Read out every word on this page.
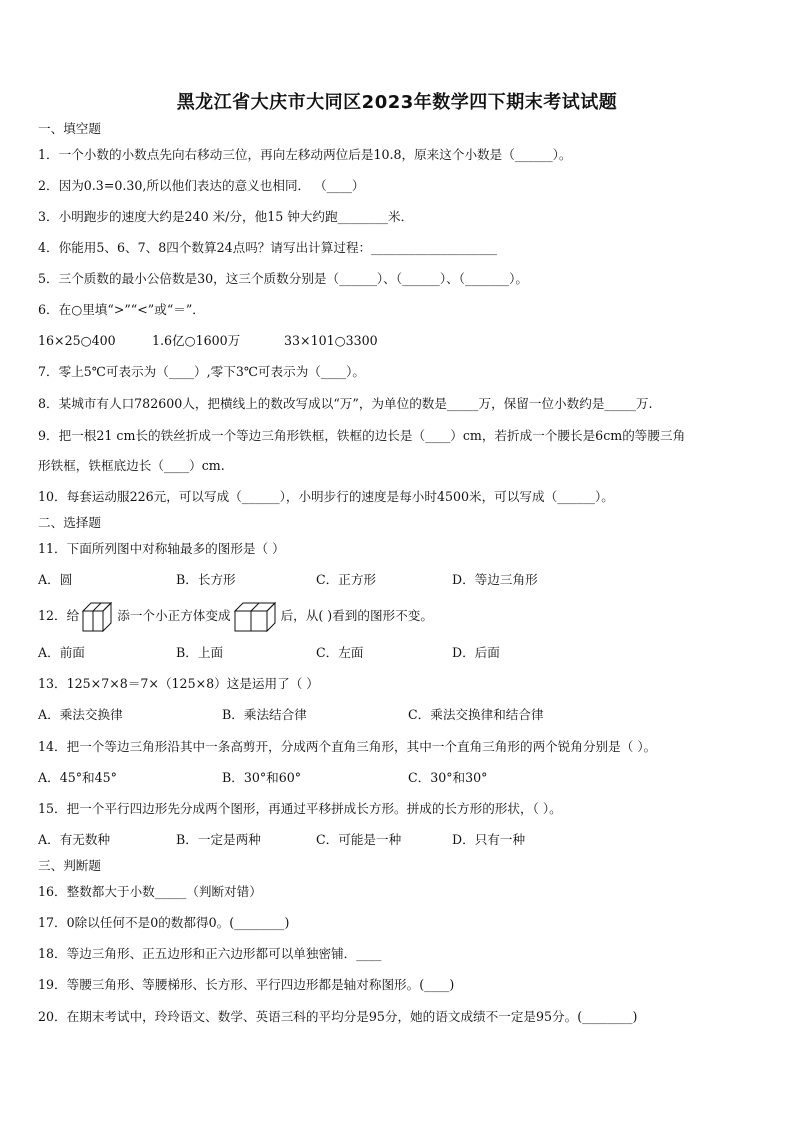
黑龙江省大庆市大同区2023年数学四下期末考试试题
一、填空题
1．一个小数的小数点先向右移动三位，再向左移动两位后是10.8，原来这个小数是（______）。
2．因为0.3=0.30,所以他们表达的意义也相同． （____）
3．小明跑步的速度大约是240 米/分，他15 钟大约跑________米．
4．你能用5、6、7、8四个数算24点吗？请写出计算过程：____________________
5．三个质数的最小公倍数是30，这三个质数分别是（______）、（______）、（_______）。
6．在○里填“>”“<”或“＝”．
16×25○400	1.6亿○1600万	33×101○3300
7．零上5℃可表示为（____）,零下3℃可表示为（____）。
8．某城市有人口782600人，把横线上的数改写成以“万”，为单位的数是_____万，保留一位小数约是_____万.
9．把一根21 cm长的铁丝折成一个等边三角形铁框，铁框的边长是（____）cm，若折成一个腰长是6cm的等腰三角
形铁框，铁框底边长（____）cm.
10．每套运动服226元，可以写成（______），小明步行的速度是每小时4500米，可以写成（______）。
二、选择题
11．下面所列图中对称轴最多的图形是（ ）
A．圆	B．长方形	C．正方形	D．等边三角形
12．给	添一个小正方体变成	后，从( )看到的图形不变。
A．前面	B．上面	C．左面	D．后面
13．125×7×8＝7×（125×8）这是运用了（ ）
A．乘法交换律	B．乘法结合律	C．乘法交换律和结合律
14．把一个等边三角形沿其中一条高剪开，分成两个直角三角形，其中一个直角三角形的两个锐角分别是（ ）。
A．45°和45°	B．30°和60°	C．30°和30°
15．把一个平行四边形先分成两个图形，再通过平移拼成长方形。拼成的长方形的形状，（ ）。
A．有无数种	B．一定是两种	C．可能是一种	D．只有一种
三、判断题
16．整数都大于小数_____（判断对错）
17．0除以任何不是0的数都得0。(________)
18．等边三角形、正五边形和正六边形都可以单独密铺．____
19．等腰三角形、等腰梯形、长方形、平行四边形都是轴对称图形。(____)
20．在期末考试中，玲玲语文、数学、英语三科的平均分是95分，她的语文成绩不一定是95分。(________)
